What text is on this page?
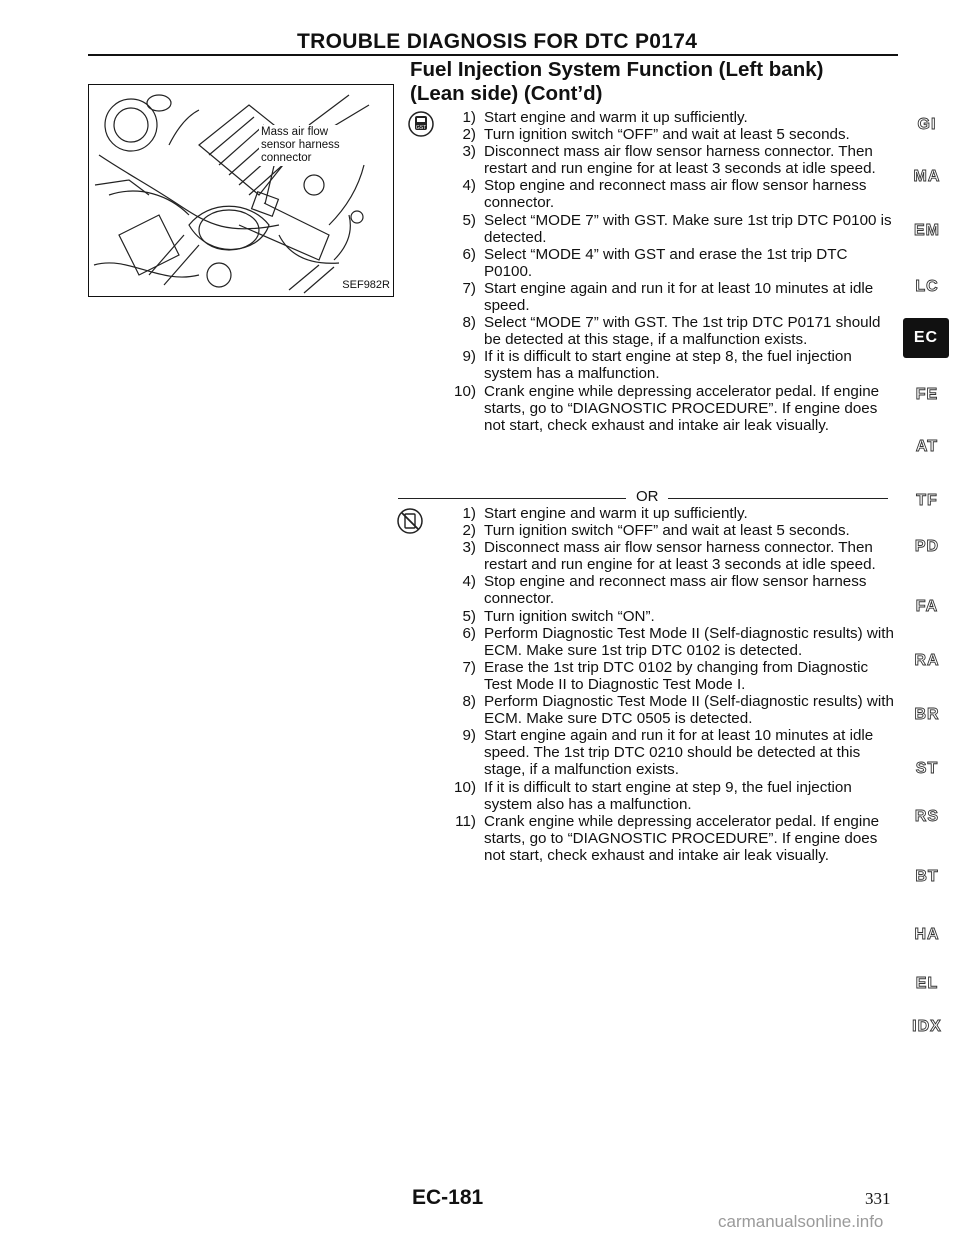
TROUBLE DIAGNOSIS FOR DTC P0174
Fuel Injection System Function (Left bank)
(Lean side) (Cont’d)
Mass air flow
sensor harness
connector
SEF982R
GST
1) Start engine and warm it up sufficiently.
2) Turn ignition switch “OFF” and wait at least 5 seconds.
3) Disconnect mass air flow sensor harness connector. Then restart and run engine for at least 3 seconds at idle speed.
4) Stop engine and reconnect mass air flow sensor harness connector.
5) Select “MODE 7” with GST. Make sure 1st trip DTC P0100 is detected.
6) Select “MODE 4” with GST and erase the 1st trip DTC P0100.
7) Start engine again and run it for at least 10 minutes at idle speed.
8) Select “MODE 7” with GST. The 1st trip DTC P0171 should be detected at this stage, if a malfunction exists.
9) If it is difficult to start engine at step 8, the fuel injection system has a malfunction.
10) Crank engine while depressing accelerator pedal. If engine starts, go to “DIAGNOSTIC PROCEDURE”. If engine does not start, check exhaust and intake air leak visually.
OR
1) Start engine and warm it up sufficiently.
2) Turn ignition switch “OFF” and wait at least 5 seconds.
3) Disconnect mass air flow sensor harness connector. Then restart and run engine for at least 3 seconds at idle speed.
4) Stop engine and reconnect mass air flow sensor harness connector.
5) Turn ignition switch “ON”.
6) Perform Diagnostic Test Mode II (Self-diagnostic results) with ECM. Make sure 1st trip DTC 0102 is detected.
7) Erase the 1st trip DTC 0102 by changing from Diagnostic Test Mode II to Diagnostic Test Mode I.
8) Perform Diagnostic Test Mode II (Self-diagnostic results) with ECM. Make sure DTC 0505 is detected.
9) Start engine again and run it for at least 10 minutes at idle speed. The 1st trip DTC 0210 should be detected at this stage, if a malfunction exists.
10) If it is difficult to start engine at step 9, the fuel injection system also has a malfunction.
11) Crank engine while depressing accelerator pedal. If engine starts, go to “DIAGNOSTIC PROCEDURE”. If engine does not start, check exhaust and intake air leak visually.
GI
MA
EM
LC
EC
FE
AT
TF
PD
FA
RA
BR
ST
RS
BT
HA
EL
IDX
EC-181	331
carmanualsonline.info
